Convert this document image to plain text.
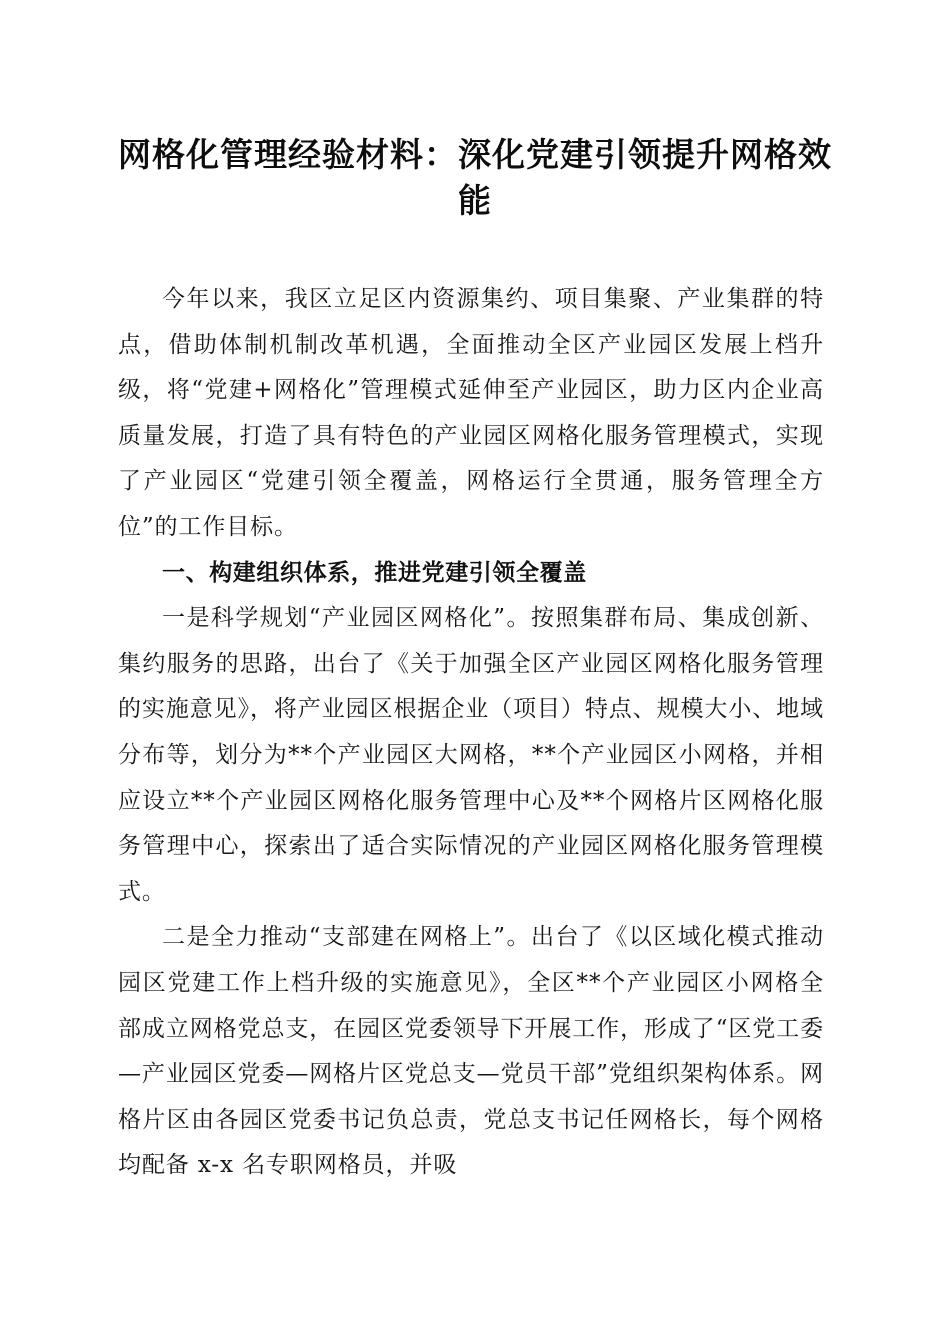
网格化管理经验材料：深化党建引领提升网格效能

今年以来，我区立足区内资源集约、项目集聚、产业集群的特点，借助体制机制改革机遇，全面推动全区产业园区发展上档升级，将“党建+网格化”管理模式延伸至产业园区，助力区内企业高质量发展，打造了具有特色的产业园区网格化服务管理模式，实现了产业园区“党建引领全覆盖，网格运行全贯通，服务管理全方位”的工作目标。

一、构建组织体系，推进党建引领全覆盖

一是科学规划“产业园区网格化”。按照集群布局、集成创新、集约服务的思路，出台了《关于加强全区产业园区网格化服务管理的实施意见》，将产业园区根据企业（项目）特点、规模大小、地域分布等，划分为**个产业园区大网格，**个产业园区小网格，并相应设立**个产业园区网格化服务管理中心及**个网格片区网格化服务管理中心，探索出了适合实际情况的产业园区网格化服务管理模式。

二是全力推动“支部建在网格上”。出台了《以区域化模式推动园区党建工作上档升级的实施意见》，全区**个产业园区小网格全部成立网格党总支，在园区党委领导下开展工作，形成了“区党工委—产业园区党委—网格片区党总支—党员干部”党组织架构体系。网格片区由各园区党委书记负总责，党总支书记任网格长，每个网格均配备 x-x 名专职网格员，并吸
